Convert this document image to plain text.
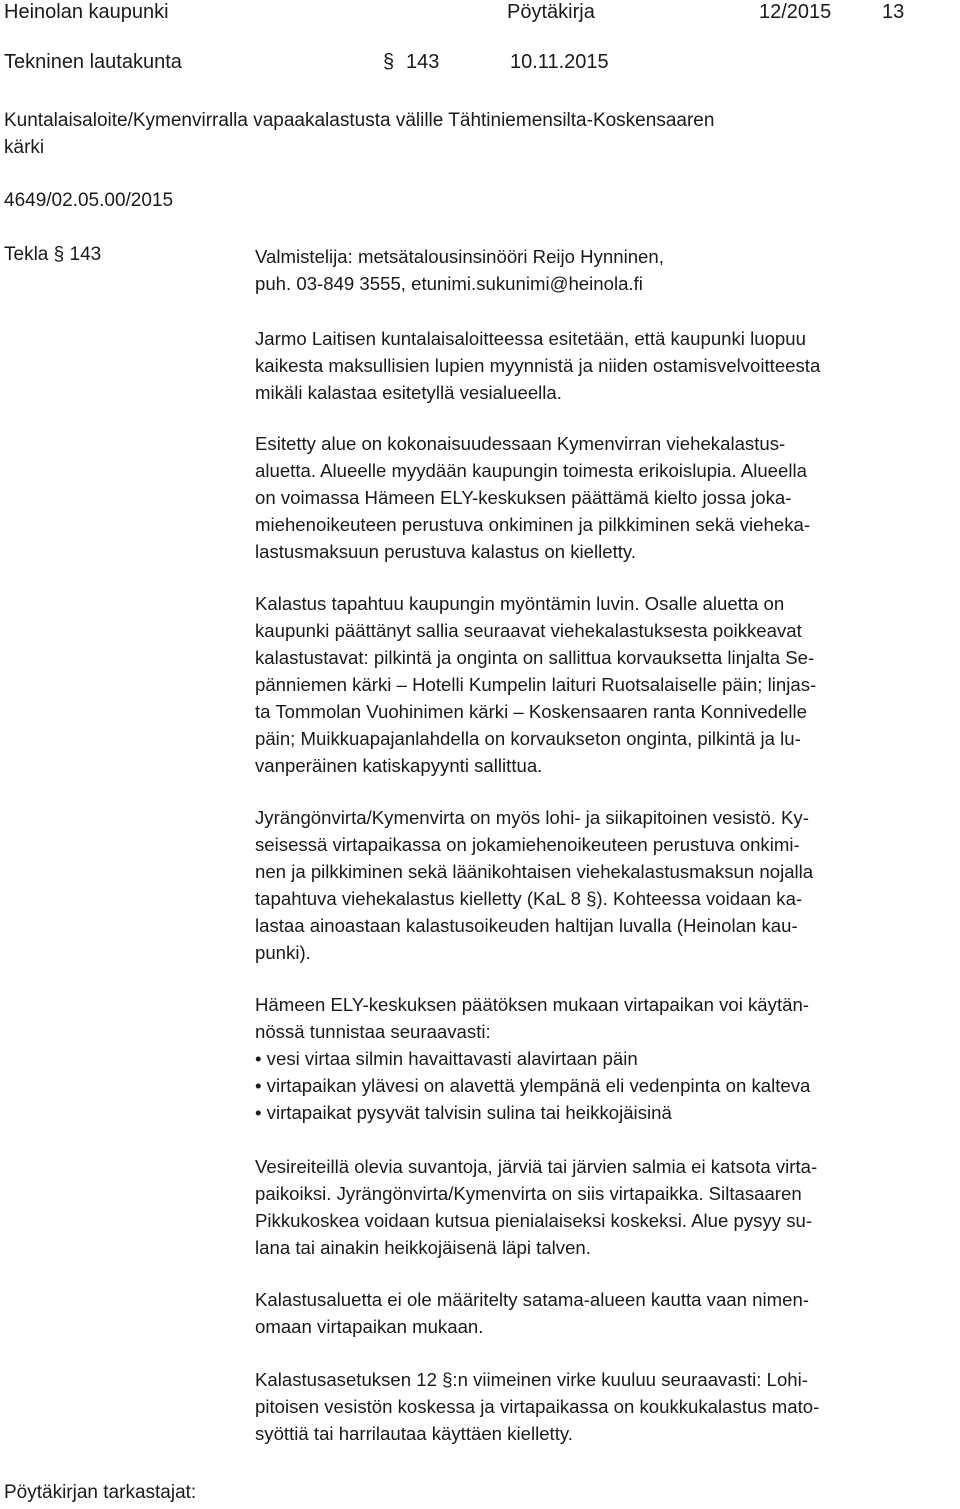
Heinolan kaupunki	Pöytäkirja	12/2015	13
Tekninen lautakunta	§ 143	10.11.2015
Kuntalaisaloite/Kymenvirralla vapaakalastusta välille Tähtiniemensilta-Koskensaaren
kärki
4649/02.05.00/2015
Tekla § 143	Valmistelija: metsätalousinsinööri Reijo Hynninen,
puh. 03-849 3555, etunimi.sukunimi@heinola.fi
Jarmo Laitisen kuntalaisaloitteessa esitetään, että kaupunki luopuu
kaikesta maksullisien lupien myynnistä ja niiden ostamisvelvoitteesta
mikäli kalastaa esitetyllä vesialueella.
Esitetty alue on kokonaisuudessaan Kymenvirran viehekalastus-
aluetta. Alueelle myydään kaupungin toimesta erikoislupia. Alueella
on voimassa Hämeen ELY-keskuksen päättämä kielto jossa joka-
miehenoikeuteen perustuva onkiminen ja pilkkiminen sekä vieheka-
lastusmaksuun perustuva kalastus on kielletty.
Kalastus tapahtuu kaupungin myöntämin luvin. Osalle aluetta on
kaupunki päättänyt sallia seuraavat viehekalastuksesta poikkeavat
kalastustavat: pilkintä ja onginta on sallittua korvauksetta linjalta Se-
pänniemen kärki – Hotelli Kumpelin laituri Ruotsalaiselle päin; linjas-
ta Tommolan Vuohinimen kärki – Koskensaaren ranta Konnivedelle
päin; Muikkuapajanlahdella on korvaukseton onginta, pilkintä ja lu-
vanperäinen katiskapyynti sallittua.
Jyrängönvirta/Kymenvirta on myös lohi- ja siikapitoinen vesistö. Ky-
seisessä virtapaikassa on jokamiehenoikeuteen perustuva onkimi-
nen ja pilkkiminen sekä läänikohtaisen viehekalastusmaksun nojalla
tapahtuva viehekalastus kielletty (KaL 8 §). Kohteessa voidaan ka-
lastaa ainoastaan kalastusoikeuden haltijan luvalla (Heinolan kau-
punki).
Hämeen ELY-keskuksen päätöksen mukaan virtapaikan voi käytän-
nössä tunnistaa seuraavasti:
• vesi virtaa silmin havaittavasti alavirtaan päin
• virtapaikan ylävesi on alavettä ylempänä eli vedenpinta on kalteva
• virtapaikat pysyvät talvisin sulina tai heikkojäisinä
Vesireiteillä olevia suvantoja, järviä tai järvien salmia ei katsota virta-
paikoiksi. Jyrängönvirta/Kymenvirta on siis virtapaikka. Siltasaaren
Pikkukoskea voidaan kutsua pienialaiseksi koskeksi. Alue pysyy su-
lana tai ainakin heikkojäisenä läpi talven.
Kalastusaluetta ei ole määritelty satama-alueen kautta vaan nimen-
omaan virtapaikan mukaan.
Kalastusasetuksen 12 §:n viimeinen virke kuuluu seuraavasti: Lohi-
pitoisen vesistön koskessa ja virtapaikassa on koukkukalastus mato-
syöttiä tai harrilautaa käyttäen kielletty.
Pöytäkirjan tarkastajat:
